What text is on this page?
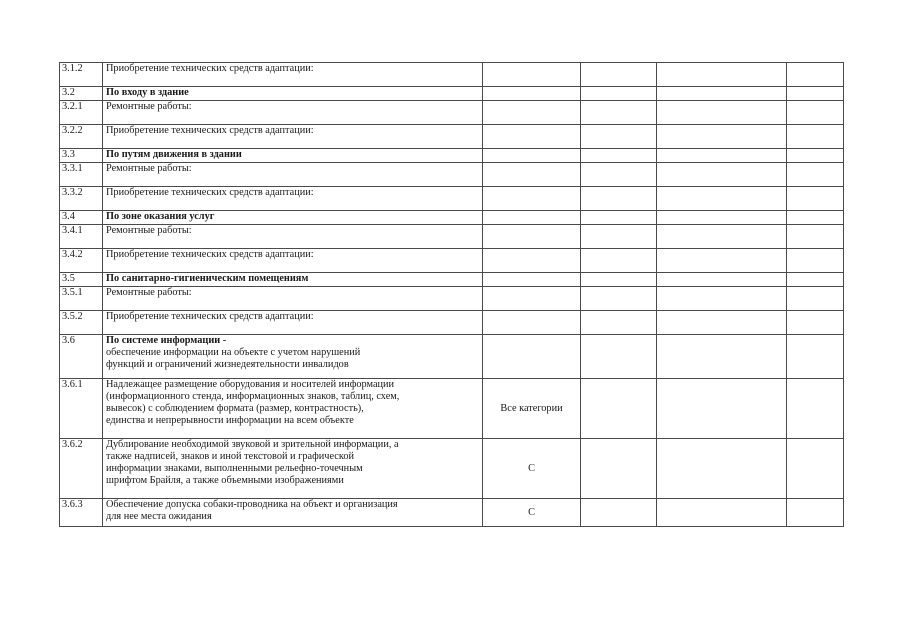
3.1.2	Приобретение технических средств адаптации:				
3.2	По входу в здание				
3.2.1	Ремонтные работы:				
3.2.2	Приобретение технических средств адаптации:				
3.3	По путям движения в здании				
3.3.1	Ремонтные работы:				
3.3.2	Приобретение технических средств адаптации:				
3.4	По зоне оказания услуг				
3.4.1	Ремонтные работы:				
3.4.2	Приобретение технических средств адаптации:				
3.5	По санитарно-гигиеническим помещениям				
3.5.1	Ремонтные работы:				
3.5.2	Приобретение технических средств адаптации:				
3.6	По системе информации -
обеспечение информации на объекте с учетом нарушений
функций и ограничений жизнедеятельности инвалидов				

3.6.1	Надлежащее размещение оборудования и носителей информации
(информационного стенда, информационных знаков, таблиц, схем,
вывесок) с соблюдением формата (размер, контрастность),
единства и непрерывности информации на всем объекте	Все категории			
3.6.2	Дублирование необходимой звуковой и зрительной информации, а
также надписей, знаков и иной текстовой и графической
информации знаками, выполненными рельефно-точечным
шрифтом Брайля, а также объемными изображениями	С			
3.6.3	Обеспечение допуска собаки-проводника на объект и организация
для нее места ожидания	С			
